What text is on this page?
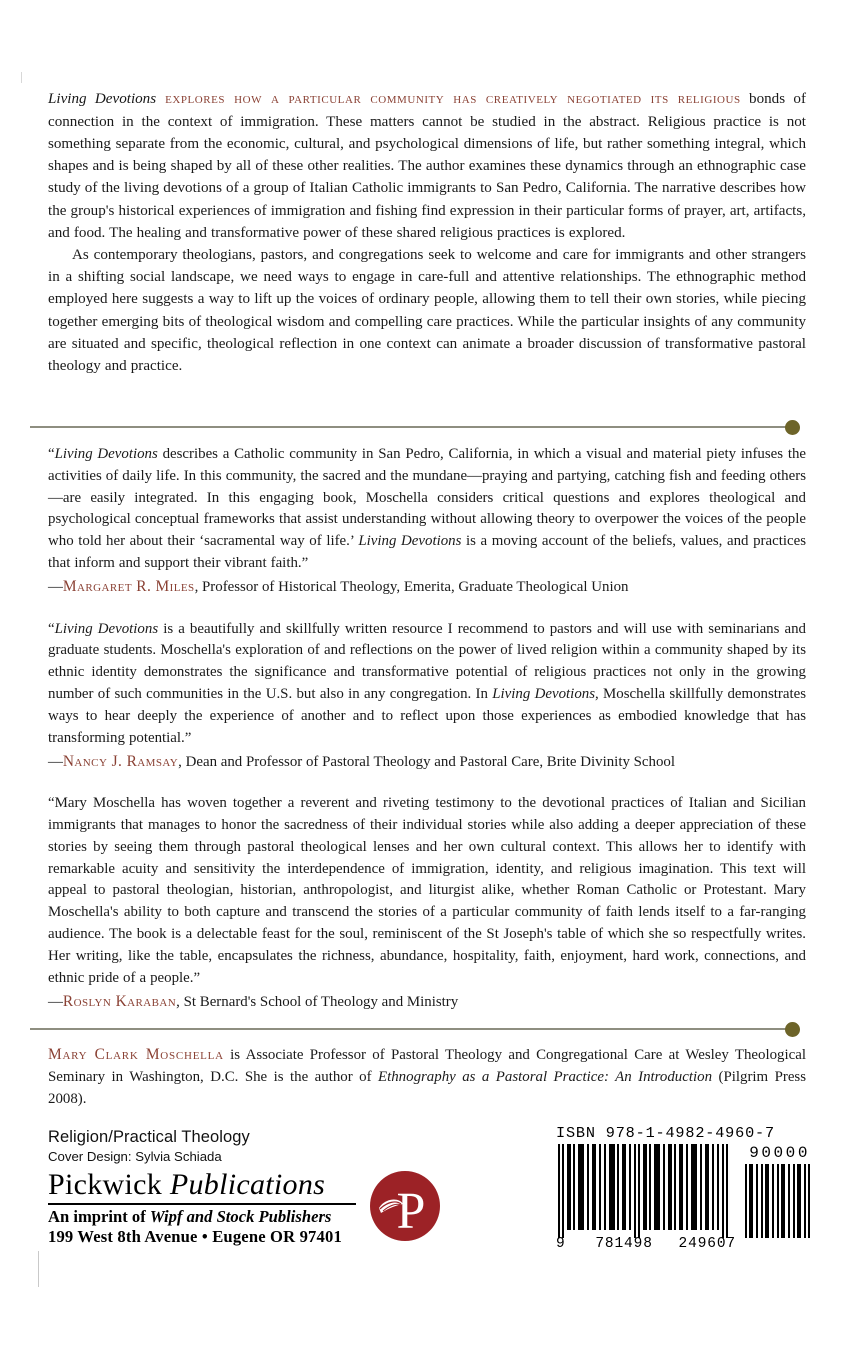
Living Devotions explores how a particular community has creatively negotiated its religious bonds of connection in the context of immigration. These matters cannot be studied in the abstract. Religious practice is not something separate from the economic, cultural, and psychological dimensions of life, but rather something integral, which shapes and is being shaped by all of these other realities. The author examines these dynamics through an ethnographic case study of the living devotions of a group of Italian Catholic immigrants to San Pedro, California. The narrative describes how the group's historical experiences of immigration and fishing find expression in their particular forms of prayer, art, artifacts, and food. The healing and transformative power of these shared religious practices is explored.

As contemporary theologians, pastors, and congregations seek to welcome and care for immigrants and other strangers in a shifting social landscape, we need ways to engage in care-full and attentive relationships. The ethnographic method employed here suggests a way to lift up the voices of ordinary people, allowing them to tell their own stories, while piecing together emerging bits of theological wisdom and compelling care practices. While the particular insights of any community are situated and specific, theological reflection in one context can animate a broader discussion of transformative pastoral theology and practice.

“Living Devotions describes a Catholic community in San Pedro, California, in which a visual and material piety infuses the activities of daily life. In this community, the sacred and the mundane—praying and partying, catching fish and feeding others—are easily integrated. In this engaging book, Moschella considers critical questions and explores theological and psychological conceptual frameworks that assist understanding without allowing theory to overpower the voices of the people who told her about their ‘sacramental way of life.’ Living Devotions is a moving account of the beliefs, values, and practices that inform and support their vibrant faith.”

—Margaret R. Miles, Professor of Historical Theology, Emerita, Graduate Theological Union

“Living Devotions is a beautifully and skillfully written resource I recommend to pastors and will use with seminarians and graduate students. Moschella's exploration of and reflections on the power of lived religion within a community shaped by its ethnic identity demonstrates the significance and transformative potential of religious practices not only in the growing number of such communities in the U.S. but also in any congregation. In Living Devotions, Moschella skillfully demonstrates ways to hear deeply the experience of another and to reflect upon those experiences as embodied knowledge that has transforming potential.”

—Nancy J. Ramsay, Dean and Professor of Pastoral Theology and Pastoral Care, Brite Divinity School

“Mary Moschella has woven together a reverent and riveting testimony to the devotional practices of Italian and Sicilian immigrants that manages to honor the sacredness of their individual stories while also adding a deeper appreciation of these stories by seeing them through pastoral theological lenses and her own cultural context. This allows her to identify with remarkable acuity and sensitivity the interdependence of immigration, identity, and religious imagination. This text will appeal to pastoral theologian, historian, anthropologist, and liturgist alike, whether Roman Catholic or Protestant. Mary Moschella's ability to both capture and transcend the stories of a particular community of faith lends itself to a far-ranging audience. The book is a delectable feast for the soul, reminiscent of the St Joseph's table of which she so respectfully writes. Her writing, like the table, encapsulates the richness, abundance, hospitality, faith, enjoyment, hard work, connections, and ethnic pride of a people.”

—Roslyn Karaban, St Bernard's School of Theology and Ministry

Mary Clark Moschella is Associate Professor of Pastoral Theology and Congregational Care at Wesley Theological Seminary in Washington, D.C. She is the author of Ethnography as a Pastoral Practice: An Introduction (Pilgrim Press 2008).

Religion/Practical Theology
Cover Design: Sylvia Schiada
Pickwick Publications
An imprint of Wipf and Stock Publishers
199 West 8th Avenue • Eugene OR 97401	P
ISBN 978-1-4982-4960-7
90000
9 781498 249607
